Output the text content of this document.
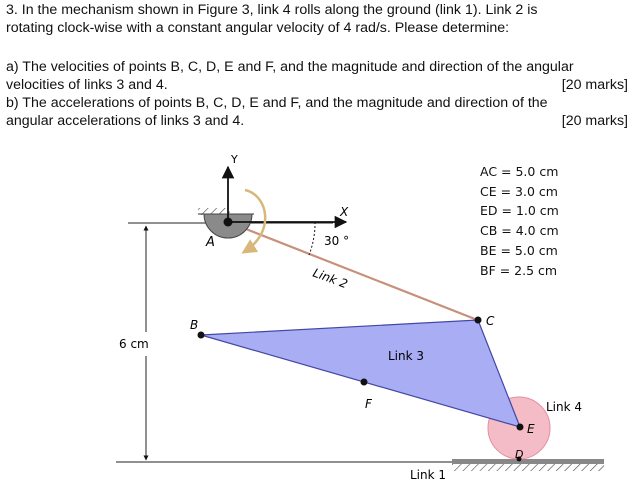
3. In the mechanism shown in Figure 3, link 4 rolls along the ground (link 1). Link 2 is
rotating clock-wise with a constant angular velocity of 4 rad/s. Please determine:
a) The velocities of points B, C, D, E and F, and the magnitude and direction of the angular
velocities of links 3 and 4.	[20 marks]
b) The accelerations of points B, C, D, E and F, and the magnitude and direction of the
angular accelerations of links 3 and 4.	[20 marks]
Y
X
A
B	C
F
E
D
30 °
Link 2
Link 3
Link 4
Link 1
6 cm
AC = 5.0 cm
CE = 3.0 cm
ED = 1.0 cm
CB = 4.0 cm
BE = 5.0 cm
BF = 2.5 cm
